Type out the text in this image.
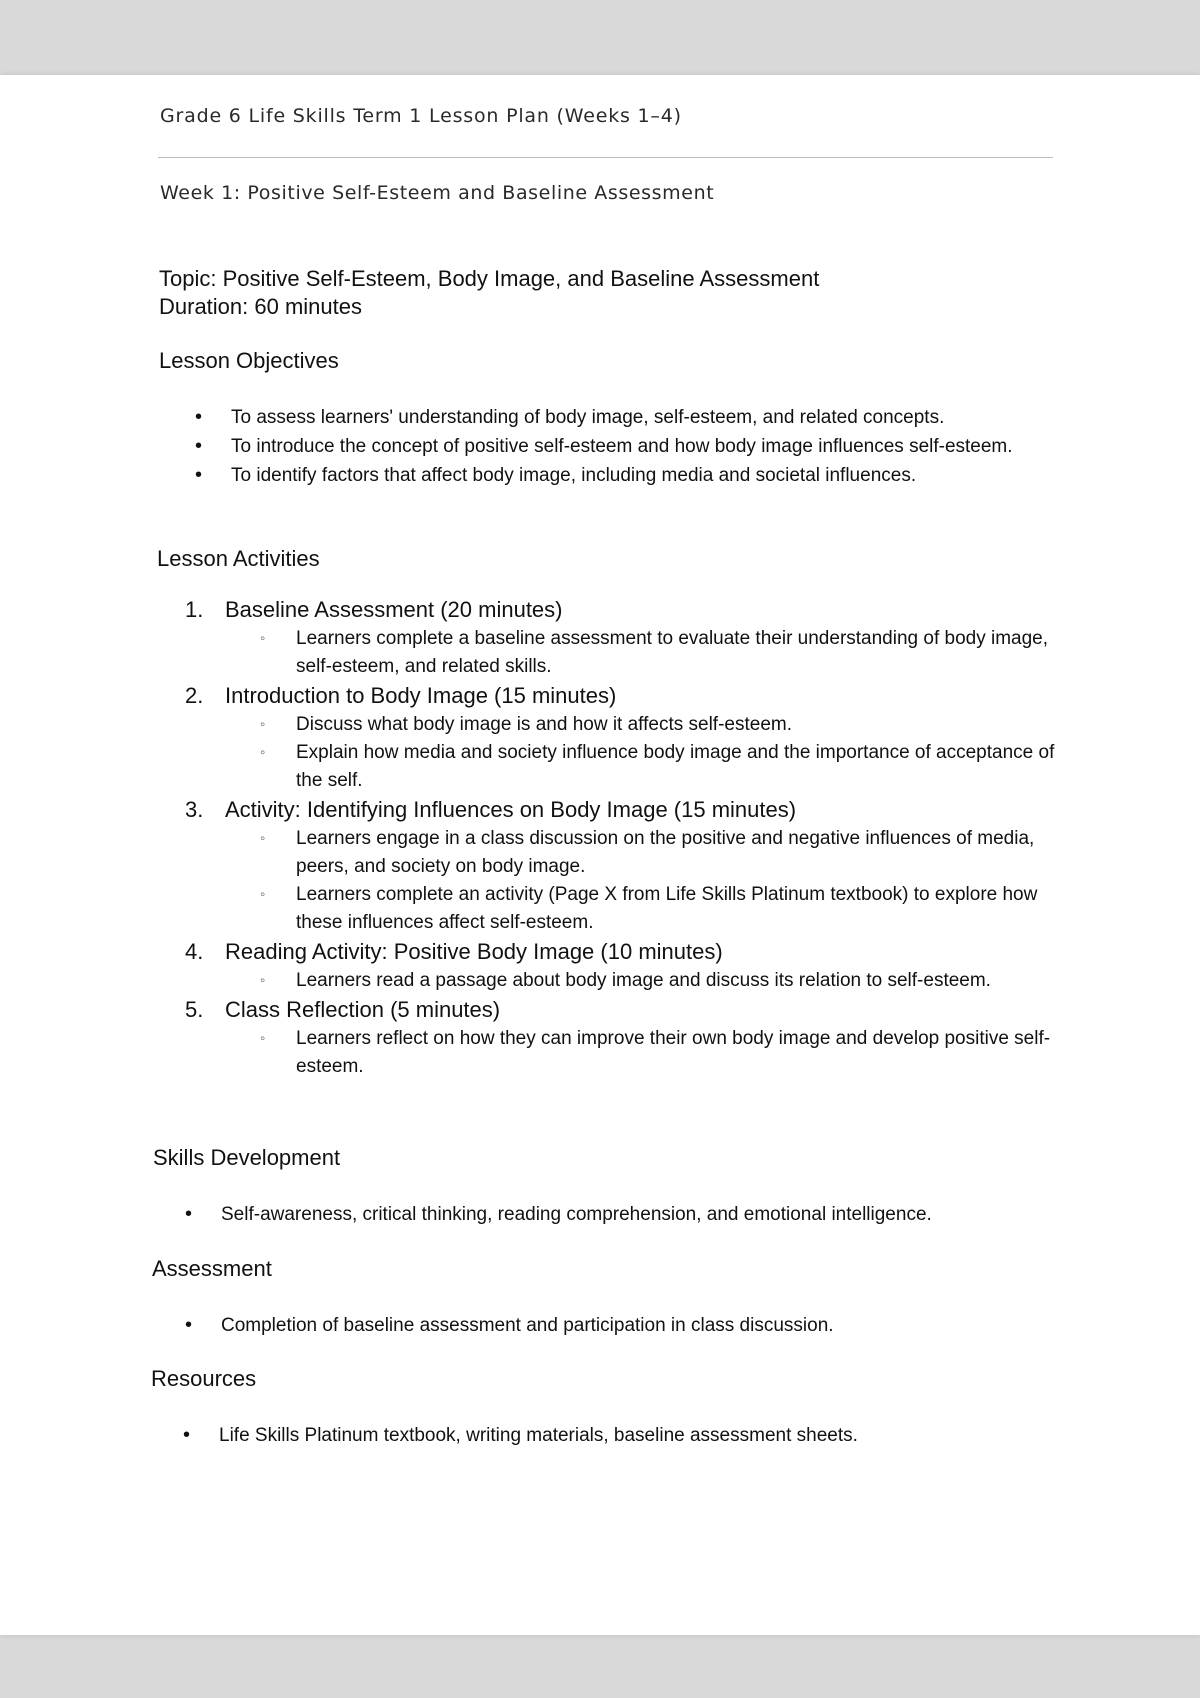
Grade 6 Life Skills Term 1 Lesson Plan (Weeks 1–4)
Week 1: Positive Self-Esteem and Baseline Assessment
Topic: Positive Self-Esteem, Body Image, and Baseline Assessment
Duration: 60 minutes
Lesson Objectives
• To assess learners' understanding of body image, self-esteem, and related concepts.
• To introduce the concept of positive self-esteem and how body image influences self-esteem.
• To identify factors that affect body image, including media and societal influences.
Lesson Activities
1. Baseline Assessment (20 minutes)
◦ Learners complete a baseline assessment to evaluate their understanding of body image, self-esteem, and related skills.
2. Introduction to Body Image (15 minutes)
◦ Discuss what body image is and how it affects self-esteem.
◦ Explain how media and society influence body image and the importance of acceptance of the self.
3. Activity: Identifying Influences on Body Image (15 minutes)
◦ Learners engage in a class discussion on the positive and negative influences of media, peers, and society on body image.
◦ Learners complete an activity (Page X from Life Skills Platinum textbook) to explore how these influences affect self-esteem.
4. Reading Activity: Positive Body Image (10 minutes)
◦ Learners read a passage about body image and discuss its relation to self-esteem.
5. Class Reflection (5 minutes)
◦ Learners reflect on how they can improve their own body image and develop positive self-esteem.
Skills Development
• Self-awareness, critical thinking, reading comprehension, and emotional intelligence.
Assessment
• Completion of baseline assessment and participation in class discussion.
Resources
• Life Skills Platinum textbook, writing materials, baseline assessment sheets.
